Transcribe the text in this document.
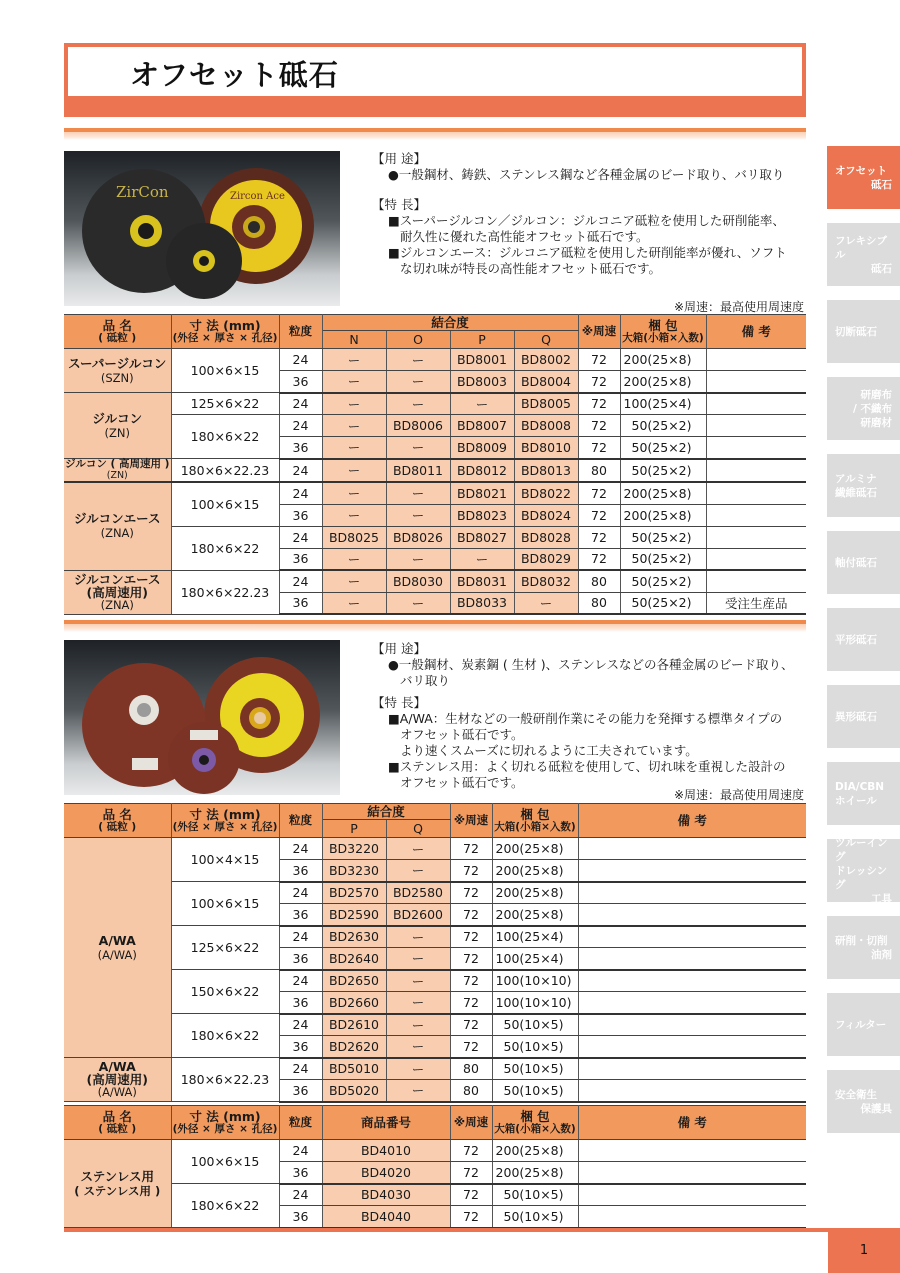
オフセット砥石
Zircon Ace
ZirCon
【用 途】
●一般鋼材、鋳鉄、ステンレス鋼など各種金属のビード取り、バリ取り
【特 長】
■スーパージルコン／ジルコン：ジルコニア砥粒を使用した研削能率、
耐久性に優れた高性能オフセット砥石です。
■ジルコンエース：ジルコニア砥粒を使用した研削能率が優れ、ソフト
な切れ味が特長の高性能オフセット砥石です。
※周速：最高使用周速度
品 名
( 砥粒 )	寸 法 (mm)
(外径 × 厚さ × 孔径)	粒度	結合度				※周速	梱 包
大箱(小箱×入数)	備 考
			N	O	P	Q			
スーパージルコン
(SZN)	100×6×15	24	ー	ー	BD8001	BD8002	72	200(25×8)	
		36	ー	ー	BD8003	BD8004	72	200(25×8)	
ジルコン
(ZN)	125×6×22	24	ー	ー	ー	BD8005	72	100(25×4)	
	180×6×22	24	ー	BD8006	BD8007	BD8008	72	50(25×2)	
		36	ー	ー	BD8009	BD8010	72	50(25×2)	
ジルコン ( 高周速用 )
(ZN)	180×6×22.23	24	ー	BD8011	BD8012	BD8013	80	50(25×2)	
ジルコンエース
(ZNA)	100×6×15	24	ー	ー	BD8021	BD8022	72	200(25×8)	
		36	ー	ー	BD8023	BD8024	72	200(25×8)	
	180×6×22	24	BD8025	BD8026	BD8027	BD8028	72	50(25×2)	
		36	ー	ー	ー	BD8029	72	50(25×2)	

ジルコンエース
(高周速用)
(ZNA)	180×6×22.23	24	ー	BD8030	BD8031	BD8032	80	50(25×2)	
		36	ー	ー	BD8033	ー	80	50(25×2)	受注生産品
【用 途】
●一般鋼材、炭素鋼 ( 生材 )、ステンレスなどの各種金属のビード取り、
バリ取り
【特 長】
■A/WA：生材などの一般研削作業にその能力を発揮する標準タイプの
オフセット砥石です。
より速くスムーズに切れるように工夫されています。
■ステンレス用：よく切れる砥粒を使用して、切れ味を重視した設計の
オフセット砥石です。
※周速：最高使用周速度
品 名
( 砥粒 )	寸 法 (mm)
(外径 × 厚さ × 孔径)	粒度	結合度		※周速	梱 包
大箱(小箱×入数)	備 考
			P	Q			
A/WA
(A/WA)	100×4×15	24	BD3220	ー	72	200(25×8)	
		36	BD3230	ー	72	200(25×8)	
	100×6×15	24	BD2570	BD2580	72	200(25×8)	
		36	BD2590	BD2600	72	200(25×8)	
	125×6×22	24	BD2630	ー	72	100(25×4)	
		36	BD2640	ー	72	100(25×4)	
	150×6×22	24	BD2650	ー	72	100(10×10)	
		36	BD2660	ー	72	100(10×10)	
	180×6×22	24	BD2610	ー	72	50(10×5)	
		36	BD2620	ー	72	50(10×5)	

A/WA
(高周速用)
(A/WA)	180×6×22.23	24	BD5010	ー	80	50(10×5)	
		36	BD5020	ー	80	50(10×5)	
品 名
( 砥粒 )	寸 法 (mm)
(外径 × 厚さ × 孔径)	粒度	商品番号	※周速	梱 包
大箱(小箱×入数)	備 考
ステンレス用
( ステンレス用 )	100×6×15	24	BD4010	72	200(25×8)	
		36	BD4020	72	200(25×8)	
	180×6×22	24	BD4030	72	50(10×5)	
		36	BD4040	72	50(10×5)	
オフセット
砥石
フレキシブル
砥石
切断砥石
研磨布
/ 不織布
研磨材
アルミナ
繊維砥石
軸付砥石
平形砥石
異形砥石
DIA/CBN
ホイール
ツルーイング
ドレッシング
工具
研削・切削
油剤
フィルター
安全衛生
保護具
1
